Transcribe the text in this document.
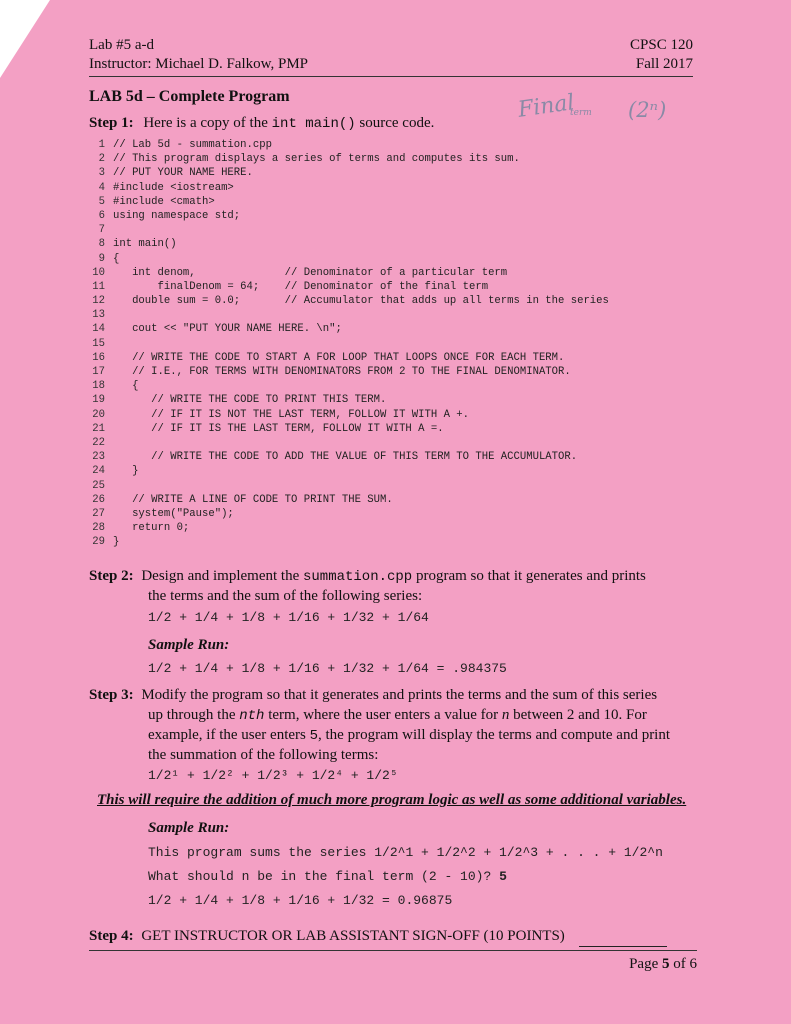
Lab #5 a-d
Instructor: Michael D. Falkow, PMP
CPSC 120
Fall 2017
LAB 5d – Complete Program	Final
term (2ⁿ)
Step 1: Here is a copy of the int main() source code.
1 // Lab 5d - summation.cpp
2 // This program displays a series of terms and computes its sum.
3 // PUT YOUR NAME HERE.
4 #include <iostream>
5 #include <cmath>
6 using namespace std;
7
8 int main()
9 {
10   int denom,              // Denominator of a particular term
11       finalDenom = 64;    // Denominator of the final term
12   double sum = 0.0;       // Accumulator that adds up all terms in the series
13
14   cout << "PUT YOUR NAME HERE. \n";
15
16   // WRITE THE CODE TO START A FOR LOOP THAT LOOPS ONCE FOR EACH TERM.
17   // I.E., FOR TERMS WITH DENOMINATORS FROM 2 TO THE FINAL DENOMINATOR.
18   {
19      // WRITE THE CODE TO PRINT THIS TERM.
20      // IF IT IS NOT THE LAST TERM, FOLLOW IT WITH A +.
21      // IF IT IS THE LAST TERM, FOLLOW IT WITH A =.
22
23      // WRITE THE CODE TO ADD THE VALUE OF THIS TERM TO THE ACCUMULATOR.
24   }
25
26   // WRITE A LINE OF CODE TO PRINT THE SUM.
27   system("Pause");
28   return 0;
29 }
Step 2: Design and implement the summation.cpp program so that it generates and prints
the terms and the sum of the following series:
1/2 + 1/4 + 1/8 + 1/16 + 1/32 + 1/64
Sample Run:
1/2 + 1/4 + 1/8 + 1/16 + 1/32 + 1/64 = .984375
Step 3: Modify the program so that it generates and prints the terms and the sum of this series
up through the nth term, where the user enters a value for n between 2 and 10. For
example, if the user enters 5, the program will display the terms and compute and print
the summation of the following terms:
1/2¹ + 1/2² + 1/2³ + 1/2⁴ + 1/2⁵
This will require the addition of much more program logic as well as some additional variables.
Sample Run:
This program sums the series 1/2^1 + 1/2^2 + 1/2^3 + . . . + 1/2^n
What should n be in the final term (2 - 10)? 5
1/2 + 1/4 + 1/8 + 1/16 + 1/32 = 0.96875
Step 4: GET INSTRUCTOR OR LAB ASSISTANT SIGN-OFF (10 POINTS)
Page 5 of 6
